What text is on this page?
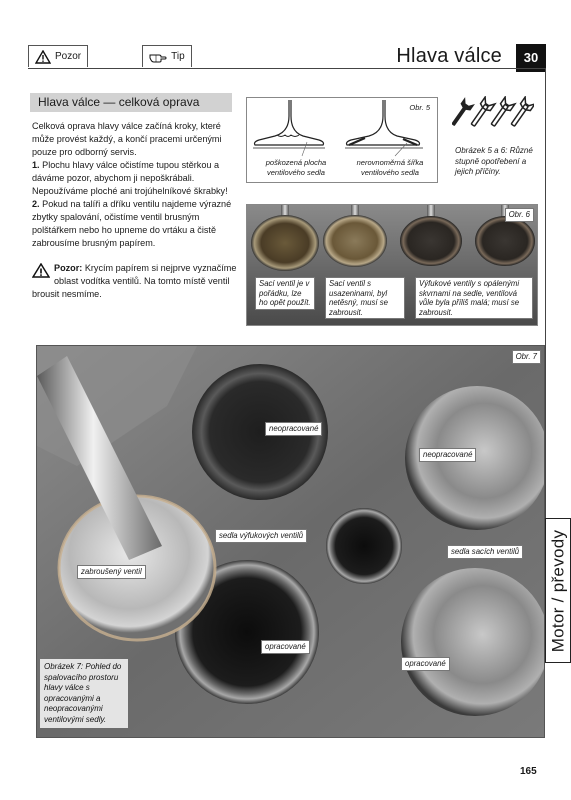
Pozor	Tip	Hlava válce	30
Hlava válce — celková oprava

Celková oprava hlavy válce začíná kroky, které může provést každý, a končí pracemi určenými pouze pro odborný servis.

1. Plochu hlavy válce očistíme tupou stěrkou a dáváme pozor, abychom ji nepoškrábali. Nepoužíváme ploché ani trojúhelníkové škrabky!

2. Pokud na talíři a dříku ventilu najdeme výrazné zbytky spalování, očistíme ventil brusným polštářkem nebo ho upneme do vrtáku a čistě zabrousíme brusným papírem.

Pozor: Krycím papírem si nejprve vyznačíme oblast vodítka ventilů. Na tomto místě ventil brousit nesmíme.
Obr. 5
poškozená plocha ventilového sedla
nerovnoměrná šířka ventilového sedla
Obrázek 5 a 6: Různé stupně opotřebení a jejich příčiny.
Obr. 6
Sací ventil je v pořádku, lze ho opět použít.
Sací ventil s usazeninami, byl netěsný, musí se zabrousit.
Výfukové ventily s opálenými skvrnami na sedle, ventilová vůle byla příliš malá; musí se zabrousit.
Obr. 7
neopracované
neopracované
sedla výfukových ventilů
sedla sacích ventilů
zabroušený ventil
opracované
opracované
Obrázek 7: Pohled do spalovacího prostoru hlavy válce s opracovanými a neopracovanými ventilovými sedly.
Motor / převody
165
